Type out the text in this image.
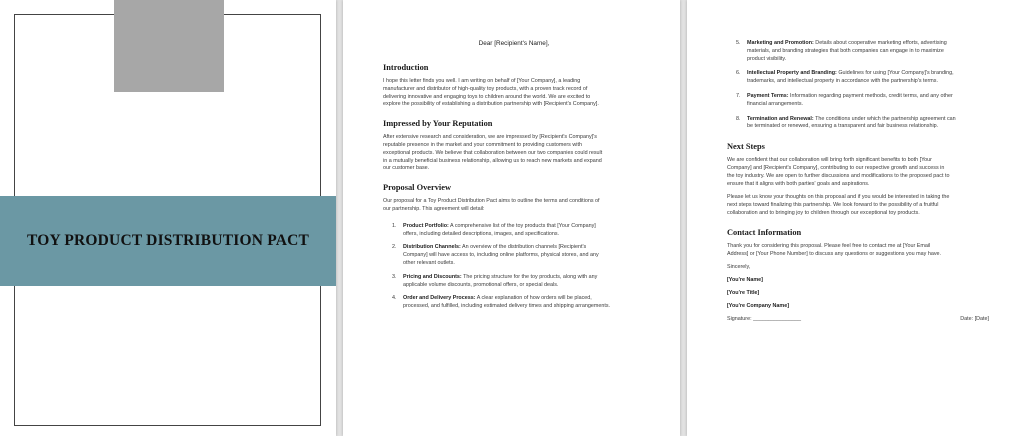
TOY PRODUCT DISTRIBUTION PACT

Dear [Recipient's Name],

Introduction

I hope this letter finds you well. I am writing on behalf of [Your Company], a leading

manufacturer and distributor of high-quality toy products, with a proven track record of

delivering innovative and engaging toys to children around the world. We are excited to

explore the possibility of establishing a distribution partnership with [Recipient's Company].

Impressed by Your Reputation

After extensive research and consideration, we are impressed by [Recipient's Company]'s

reputable presence in the market and your commitment to providing customers with

exceptional products. We believe that collaboration between our two companies could result

in a mutually beneficial business relationship, allowing us to reach new markets and expand

our customer base.

Proposal Overview

Our proposal for a Toy Product Distribution Pact aims to outline the terms and conditions of

our partnership. This agreement will detail:

1. Product Portfolio: A comprehensive list of the toy products that [Your Company]

offers, including detailed descriptions, images, and specifications.

2. Distribution Channels: An overview of the distribution channels [Recipient's

Company] will have access to, including online platforms, physical stores, and any

other relevant outlets.

3. Pricing and Discounts: The pricing structure for the toy products, along with any

applicable volume discounts, promotional offers, or special deals.

4. Order and Delivery Process: A clear explanation of how orders will be placed,

processed, and fulfilled, including estimated delivery times and shipping arrangements.

5. Marketing and Promotion: Details about cooperative marketing efforts, advertising

materials, and branding strategies that both companies can engage in to maximize

product visibility.

6. Intellectual Property and Branding: Guidelines for using [Your Company]'s branding,

trademarks, and intellectual property in accordance with the partnership's terms.

7. Payment Terms: Information regarding payment methods, credit terms, and any other

financial arrangements.

8. Termination and Renewal: The conditions under which the partnership agreement can

be terminated or renewed, ensuring a transparent and fair business relationship.

Next Steps

We are confident that our collaboration will bring forth significant benefits to both [Your

Company] and [Recipient's Company], contributing to our respective growth and success in

the toy industry. We are open to further discussions and modifications to the proposed pact to

ensure that it aligns with both parties' goals and aspirations.

Please let us know your thoughts on this proposal and if you would be interested in taking the

next steps toward finalizing this partnership. We look forward to the possibility of a fruitful

collaboration and to bringing joy to children through our exceptional toy products.

Contact Information

Thank you for considering this proposal. Please feel free to contact me at [Your Email

Address] or [Your Phone Number] to discuss any questions or suggestions you may have.

Sincerely,

[You're Name]

[You're Title]

[You're Company Name]

Signature: ________________	Date: [Date]
